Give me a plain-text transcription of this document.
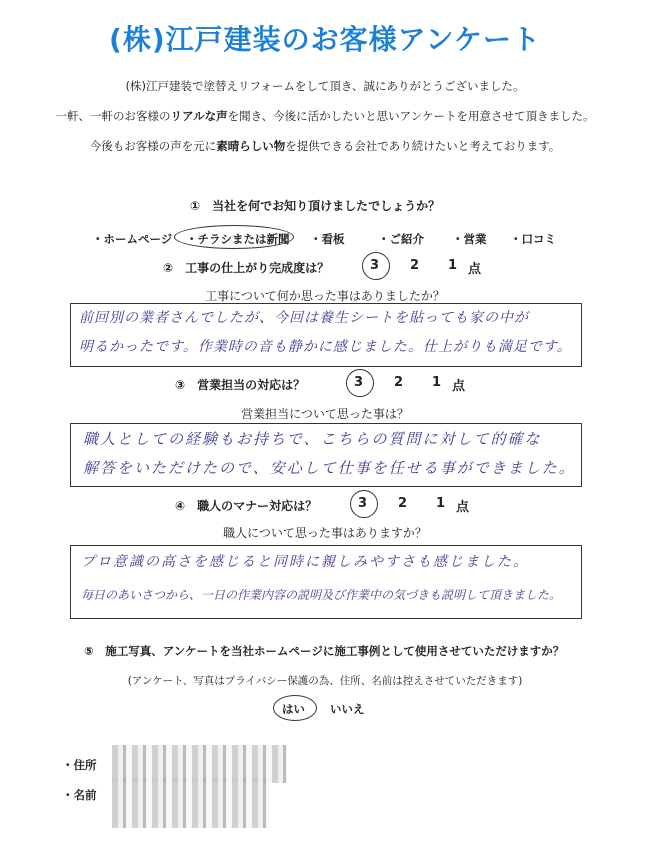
(株)江戸建装のお客様アンケート
(株)江戸建装で塗替えリフォームをして頂き、誠にありがとうございました。
一軒、一軒のお客様のリアルな声を聞き、今後に活かしたいと思いアンケートを用意させて頂きました。
今後もお客様の声を元に素晴らしい物を提供できる会社であり続けたいと考えております。
①　当社を何でお知り頂けましたでしょうか？
・ホームページ ・チラシまたは新聞 ・看板	・ご紹介 ・営業 ・口コミ
②　工事の仕上がり完成度は？	3 2 1 点
工事について何か思った事はありましたか？
前回別の業者さんでしたが、今回は養生シートを貼っても家の中が
明るかったです。作業時の音も静かに感じました。仕上がりも満足です。
③　営業担当の対応は？	3 2 1 点
営業担当について思った事は？
職人としての経験もお持ちで、こちらの質問に対して的確な
解答をいただけたので、安心して仕事を任せる事ができました。
④　職人のマナー対応は？	3 2 1 点
職人について思った事はありますか？
プロ意識の高さを感じると同時に親しみやすさも感じました。
毎日のあいさつから、一日の作業内容の説明及び作業中の気づきも説明して頂きました。
⑤　施工写真、アンケートを当社ホームページに施工事例として使用させていただけますか？
(アンケート、写真はプライバシー保護の為、住所、名前は控えさせていただきます)
はい いいえ
・住所
・名前
